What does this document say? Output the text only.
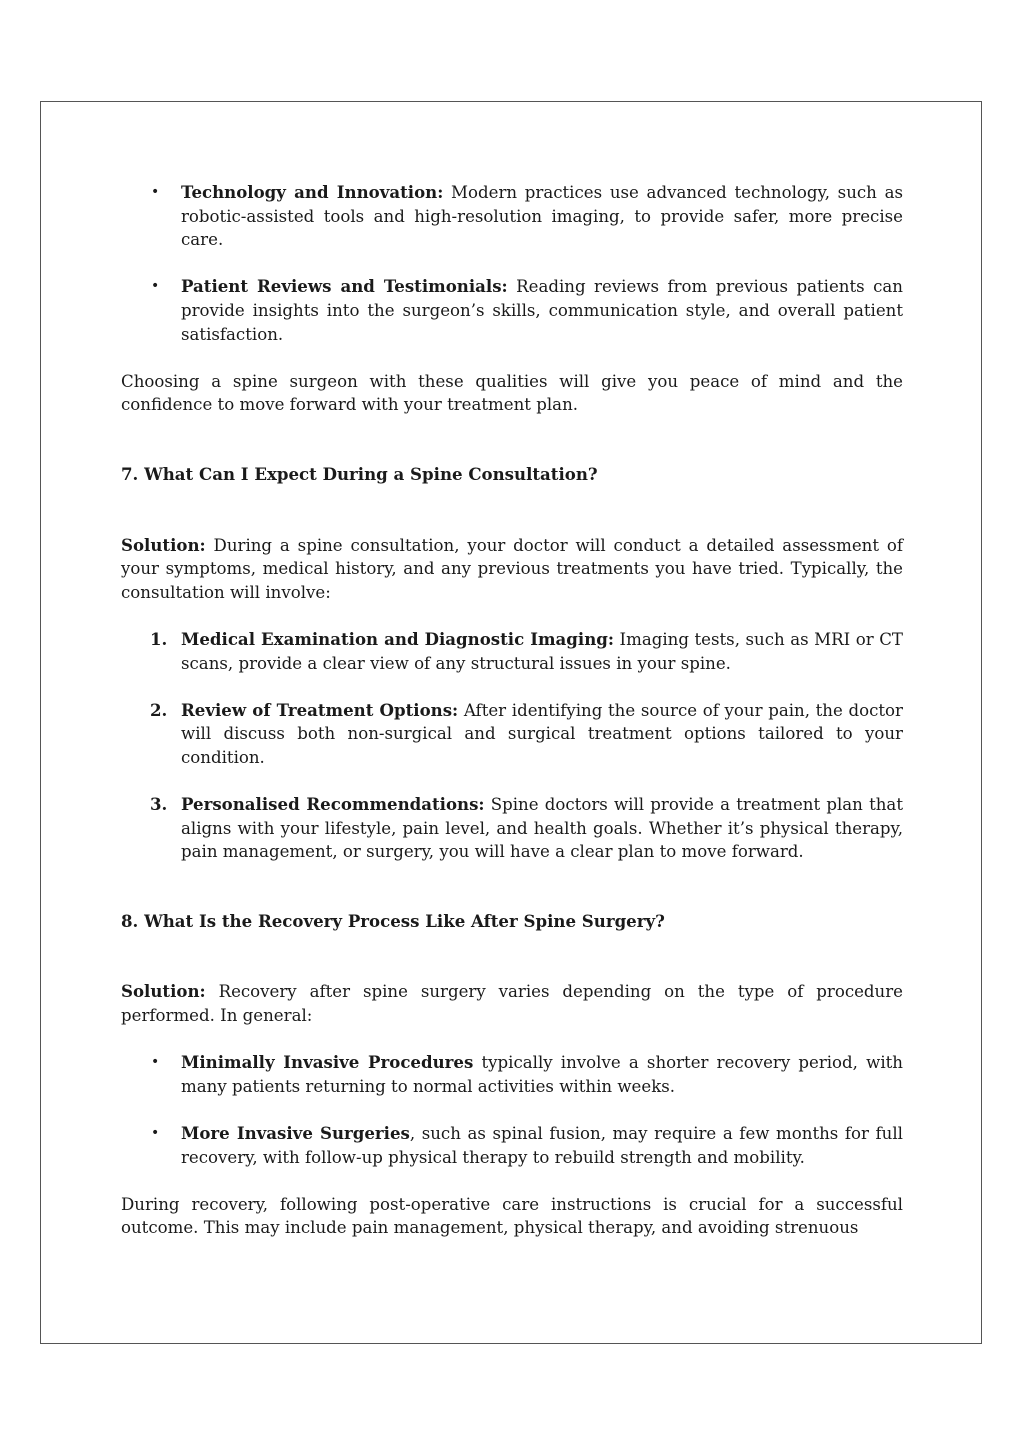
• Technology and Innovation: Modern practices use advanced technology, such as robotic-assisted tools and high-resolution imaging, to provide safer, more precise care.
• Patient Reviews and Testimonials: Reading reviews from previous patients can provide insights into the surgeon’s skills, communication style, and overall patient satisfaction.

Choosing a spine surgeon with these qualities will give you peace of mind and the confidence to move forward with your treatment plan.

7. What Can I Expect During a Spine Consultation?

Solution: During a spine consultation, your doctor will conduct a detailed assessment of your symptoms, medical history, and any previous treatments you have tried. Typically, the consultation will involve:

1. Medical Examination and Diagnostic Imaging: Imaging tests, such as MRI or CT scans, provide a clear view of any structural issues in your spine.
2. Review of Treatment Options: After identifying the source of your pain, the doctor will discuss both non-surgical and surgical treatment options tailored to your condition.
3. Personalised Recommendations: Spine doctors will provide a treatment plan that aligns with your lifestyle, pain level, and health goals. Whether it’s physical therapy, pain management, or surgery, you will have a clear plan to move forward.
8. What Is the Recovery Process Like After Spine Surgery?

Solution: Recovery after spine surgery varies depending on the type of procedure performed. In general:

• Minimally Invasive Procedures typically involve a shorter recovery period, with many patients returning to normal activities within weeks.
• More Invasive Surgeries, such as spinal fusion, may require a few months for full recovery, with follow-up physical therapy to rebuild strength and mobility.

During recovery, following post-operative care instructions is crucial for a successful outcome. This may include pain management, physical therapy, and avoiding strenuous
